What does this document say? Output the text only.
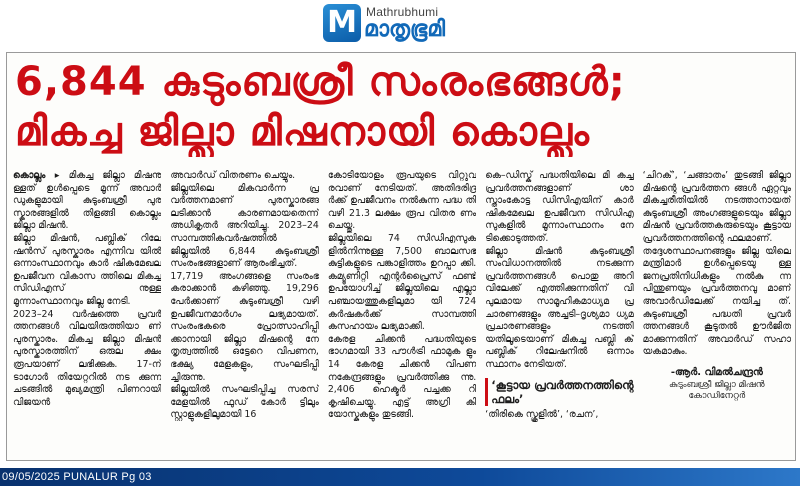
M Mathrubhumi
മാതൃഭൂമി
6,844 കുടുംബശ്രീ സംരംഭങ്ങൾ;
മികച്ച ജില്ലാ മിഷനായി കൊല്ലം

കൊല്ലം ▸ മികച്ച ജില്ലാ മിഷനു ള്ളത് ഉൾപ്പെടെ മൂന്ന് അവാർ ഡുകളുമായി കുടുംബശ്രീ പുര സ്കാരങ്ങളിൽ തിളങ്ങി കൊല്ലം ജില്ലാ മിഷൻ.

ജില്ലാ മിഷൻ, പബ്ലിക് റിലേ ഷൻസ് പുരസ്കാരം എന്നിവ യിൽ ഒന്നാംസ്ഥാനവും കാർ ഷികമേഖല ഉപജീവന വികാസ ത്തിലെ മികച്ച സിഡിഎസ് നുള്ള മൂന്നാംസ്ഥാനവും ജില്ല നേടി.

2023–24 വർഷത്തെ പ്രവർ ത്തനങ്ങൾ വിലയിരുത്തിയാ ണ് പുരസ്കാരം. മികച്ച ജില്ലാ മിഷൻ പുരസ്കാരത്തിന് ഒരുല ക്ഷം രൂപയാണ് ലഭിക്കുക. 17-ന് ടാഗോർ തിയേറ്ററിൽ നട ക്കുന്ന ചടങ്ങിൽ മുഖ്യമന്ത്രി പിണറായി വിജയൻ

അവാർഡ് വിതരണം ചെയ്യും.

ജില്ലയിലെ മികവാർന്ന പ്ര വർത്തനമാണ് പുരസ്കാരങ്ങ ലടിക്കാൻ കാരണമായതെന്ന് അധികൃതർ അറിയിച്ചു. 2023–24 സാമ്പത്തികവർഷത്തിൽ ജില്ലയിൽ 6,844 കുടുംബശ്രീ സംരംഭങ്ങളാണ് ആരംഭിച്ചത്.

17,719 അംഗങ്ങളെ സംരംഭ കരാക്കാൻ കഴിഞ്ഞു. 19,296 പേർക്കാണ് കുടുംബശ്രീ വഴി ഉപജീവനമാർഗം ലഭ്യമായത്. സംരംഭകരെ പ്രോത്സാഹിപ്പി ക്കാനായി ജില്ലാ മിഷന്റെ നേ തൃത്വത്തിൽ ഒട്ടേറെ വിപണന, ഭക്ഷ്യ മേളകളും, സംഘടിപ്പി ച്ചിരുന്നു.

ജില്ലയിൽ സംഘടിപ്പിച്ച സരസ് മേളയിൽ ഫുഡ് കോർ ട്ടിലും സ്റ്റാളുകളിലുമായി 16

കോടിയോളം രൂപയുടെ വിറ്റുവ രവാണ് നേടിയത്. അതിദരിദ്ര ർക്ക് ഉപജീവനം നൽകുന്ന പദ്ധ തി വഴി 21.3 ലക്ഷം രൂപ വിതര ണം ചെയ്തു.

ജില്ലയിലെ 74 സിഡിഎസുക ളിൽനിന്നുള്ള 7,500 ബാലസഭ കുട്ടികളുടെ പങ്കാളിത്തം ഉറപ്പാ ക്കി. കമ്യൂണിറ്റി എന്റർപ്രൈസ് ഫണ്ട് ഉപയോഗിച്ച് ജില്ലയിലെ എല്ലാ പഞ്ചായത്തുകളിലുമാ യി 724 കർഷകർക്ക് സാമ്പത്തി കസഹായം ലഭ്യമാക്കി.

കേരള ചിക്കൻ പദ്ധതിയുടെ ഭാഗമായി 33 പൗൾട്രി ഫാമുക ളും 14 കേരള ചിക്കൻ വിപണ നകേന്ദ്രങ്ങളും പ്രവർത്തിക്കു ന്നു. 2,406 ഹെക്ടർ പച്ചക്ക റി കൃഷിചെയ്യു. എട്ട് അഗ്രി കി യോസ്കുകളും തുടങ്ങി.

കെ–ഡിസ്ക് പദ്ധതിയിലെ മി കച്ച പ്രവർത്തനങ്ങളാണ് ശാ സ്താംകോട്ട ഡിസിഎയിന് കാർ ഷികമേഖല ഉപജീവന സിഡിഎ സുകളിൽ മൂന്നാംസ്ഥാനം നേ ടിക്കൊടുത്തത്.

ജില്ലാ മിഷൻ കുടുംബശ്രീ സംവിധാനത്തിൽ നടക്കുന്ന പ്രവർത്തനങ്ങൾ പൊതു അറി വിലേക്ക് എത്തിക്കുന്നതിന് വി പുലമായ സാമൂഹികമാധ്യമ പ്ര ചാരണങ്ങളും അച്ചടി–ദൃശ്യമാ ധ്യമ പ്രചാരണങ്ങളും നടത്തി യതിലൂടെയാണ് മികച്ച പബ്ലി ക് പബ്ലിക് റിലേഷനിൽ ഒന്നാം സ്ഥാനം നേടിയത്.

‘കൂട്ടായ പ്രവർത്തനത്തിന്റെ ഫലം’

‘തിരികെ സ്കൂളിൽ’, ‘രചന’,

‘ചിറക്’, ‘ചങ്ങാതം’ തുടങ്ങി ജില്ലാ മിഷന്റെ പ്രവർത്തന ങ്ങൾ ഏറ്റവും മികച്ചരീതിയിൽ നടത്താനായത് കുടുംബശ്രീ അംഗങ്ങളുടെയും ജില്ലാ മിഷൻ പ്രവർത്തകരുടെയും കൂട്ടായ പ്രവർത്തനത്തിന്റെ ഫലമാണ്.

തദ്ദേശസ്ഥാപനങ്ങളും ജില്ല യിലെ മന്ത്രിമാർ ഉൾപ്പെടെയു ള്ള ജനപ്രതിനിധികളും നൽകു ന്ന പിന്തുണയും പ്രവർത്തനവു മാണ് അവാർഡിലേക്ക് നയിച്ച ത്. കുടുംബശ്രീ പദ്ധതി പ്രവർ ത്തനങ്ങൾ കൂടുതൽ ഊർജിത മാക്കുന്നതിന് അവാർഡ് സഹാ യകമാകും.

-ആർ. വിമൽചന്ദ്രൻ
കുടുംബശ്രീ ജില്ലാ മിഷൻ കോഡിനേറ്റർ
09/05/2025 PUNALUR Pg 03
